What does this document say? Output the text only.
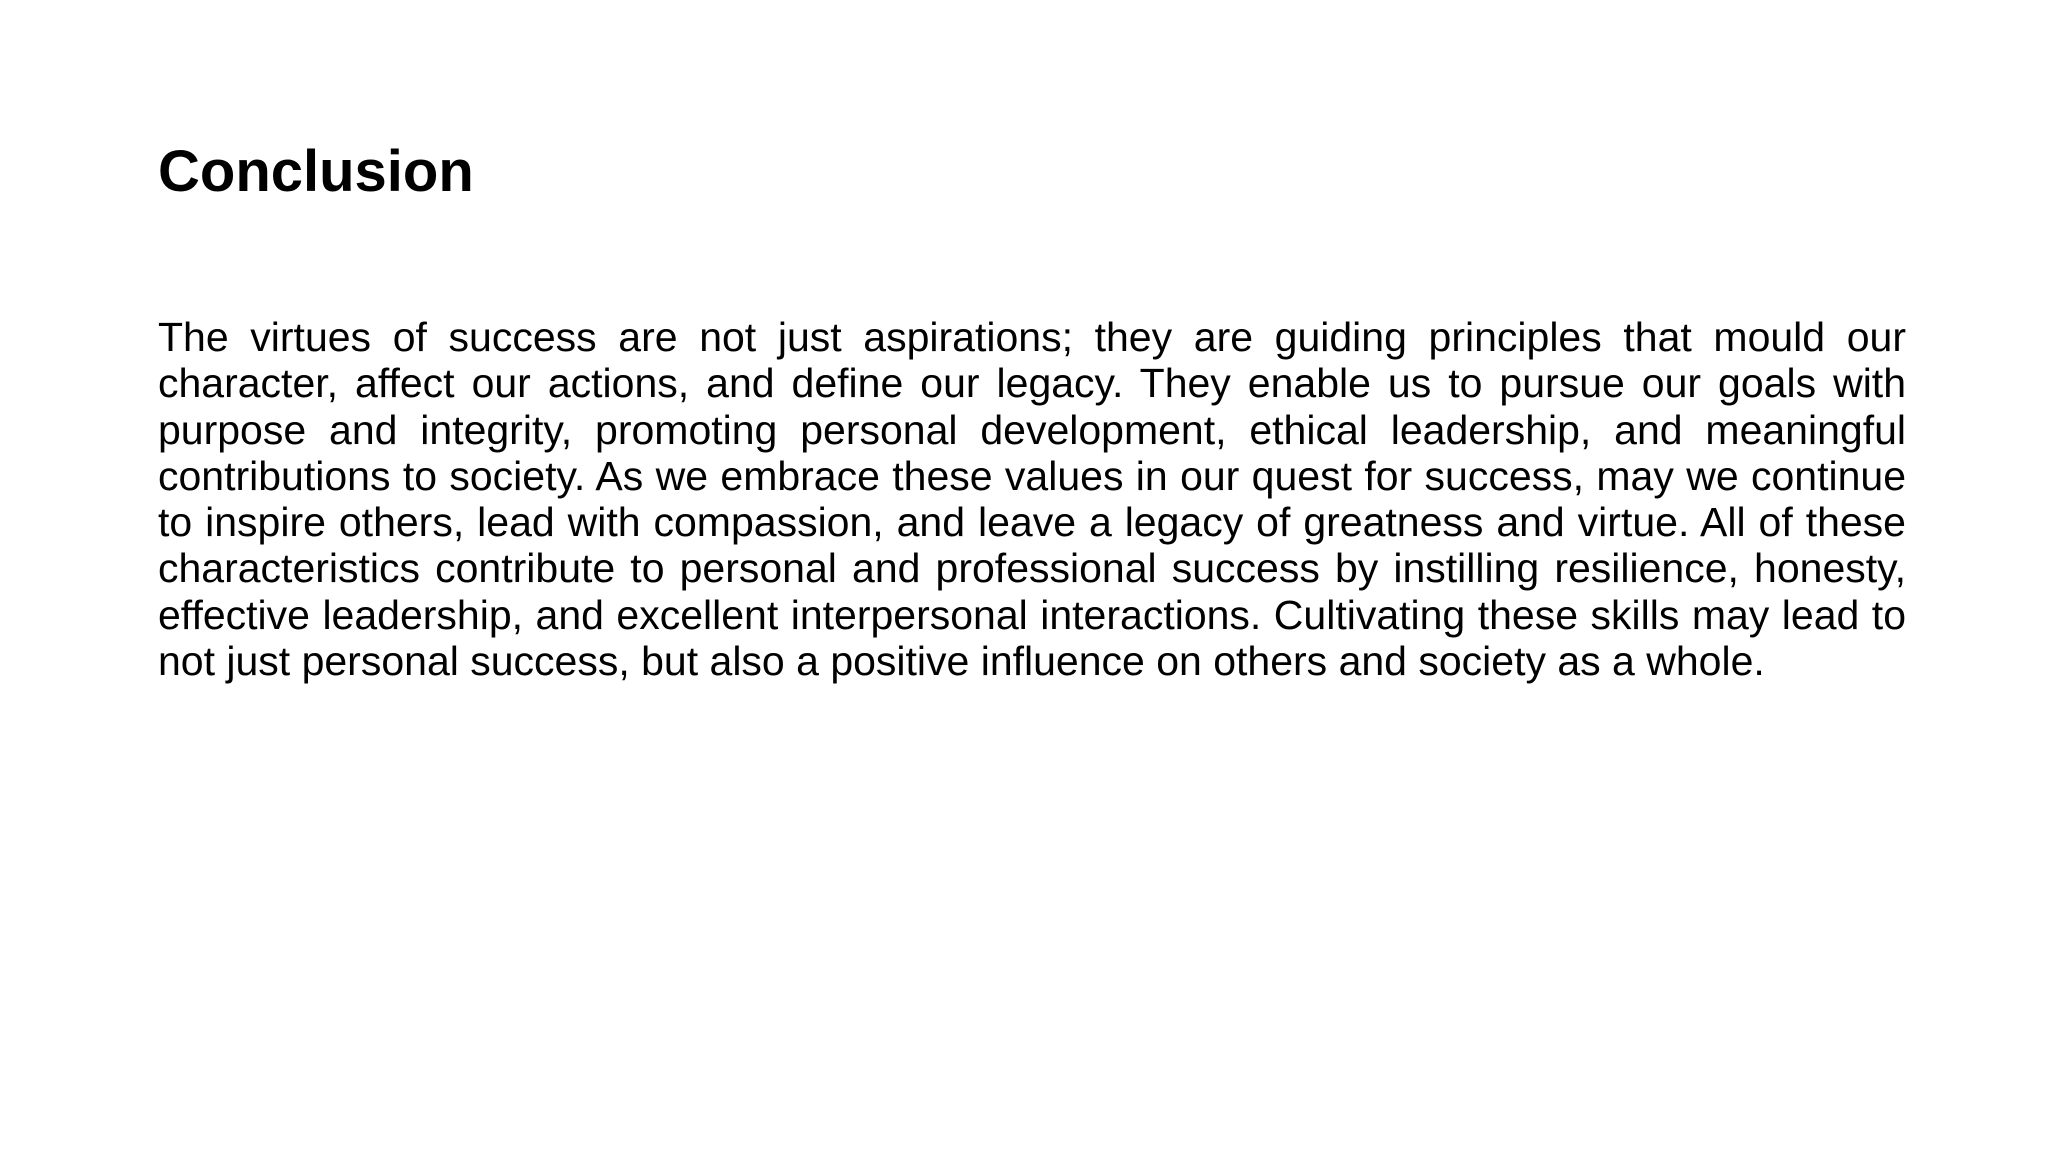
Conclusion

The virtues of success are not just aspirations; they are guiding principles that mould our character, affect our actions, and define our legacy. They enable us to pursue our goals with purpose and integrity, promoting personal development, ethical leadership, and meaningful contributions to society. As we embrace these values in our quest for success, may we continue to inspire others, lead with compassion, and leave a legacy of greatness and virtue. All of these characteristics contribute to personal and professional success by instilling resilience, honesty, effective leadership, and excellent interpersonal interactions. Cultivating these skills may lead to not just personal success, but also a positive influence on others and society as a whole.
